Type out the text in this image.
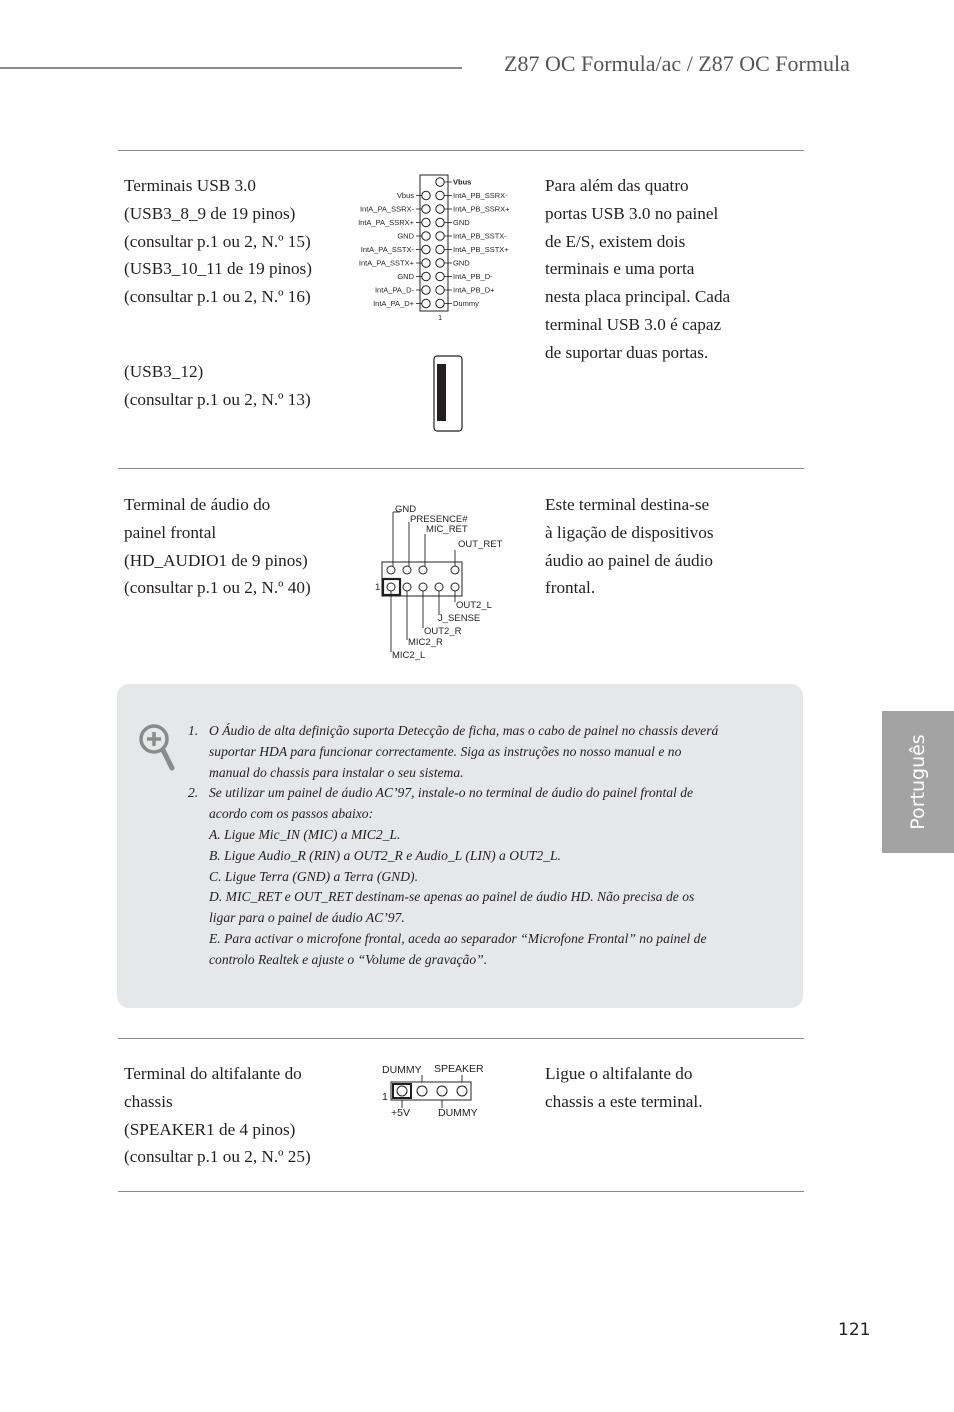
Z87 OC Formula/ac / Z87 OC Formula
Português
Terminais USB 3.0
(USB3_8_9 de 19 pinos)
(consultar p.1 ou 2, N.º 15)
(USB3_10_11 de 19 pinos)
(consultar p.1 ou 2, N.º 16)
(USB3_12)
(consultar p.1 ou 2, N.º 13)
Para além das quatro
portas USB 3.0 no painel
de E/S, existem dois
terminais e uma porta
nesta placa principal. Cada
terminal USB 3.0 é capaz
de suportar duas portas.
Vbus
Vbus
IntA_PA_SSRX-
IntA_PA_SSRX+
GND
IntA_PA_SSTX-
IntA_PA_SSTX+
GND
IntA_PA_D-
IntA_PA_D+
IntA_PB_SSRX-
IntA_PB_SSRX+
GND
IntA_PB_SSTX-
IntA_PB_SSTX+
GND
IntA_PB_D-
IntA_PB_D+
Dummy
1
Terminal de áudio do
painel frontal
(HD_AUDIO1 de 9 pinos)
(consultar p.1 ou 2, N.º 40)
Este terminal destina-se
à ligação de dispositivos
áudio ao painel de áudio
frontal.
GND
PRESENCE#
MIC_RET
OUT_RET
OUT2_L
J_SENSE
OUT2_R
MIC2_R
MIC2_L
1
1. O Áudio de alta definição suporta Detecção de ficha, mas o cabo de painel no chassis deverá
suportar HDA para funcionar correctamente. Siga as instruções no nosso manual e no
manual do chassis para instalar o seu sistema.
2. Se utilizar um painel de áudio AC’97, instale-o no terminal de áudio do painel frontal de
acordo com os passos abaixo:
A. Ligue Mic_IN (MIC) a MIC2_L.
B. Ligue Audio_R (RIN) a OUT2_R e Audio_L (LIN) a OUT2_L.
C. Ligue Terra (GND) a Terra (GND).
D. MIC_RET e OUT_RET destinam-se apenas ao painel de áudio HD. Não precisa de os
ligar para o painel de áudio AC’97.
E. Para activar o microfone frontal, aceda ao separador “Microfone Frontal” no painel de
controlo Realtek e ajuste o “Volume de gravação”.
Terminal do altifalante do
chassis
(SPEAKER1 de 4 pinos)
(consultar p.1 ou 2, N.º 25)
Ligue o altifalante do
chassis a este terminal.
DUMMY SPEAKER
+5V	DUMMY
1
121
